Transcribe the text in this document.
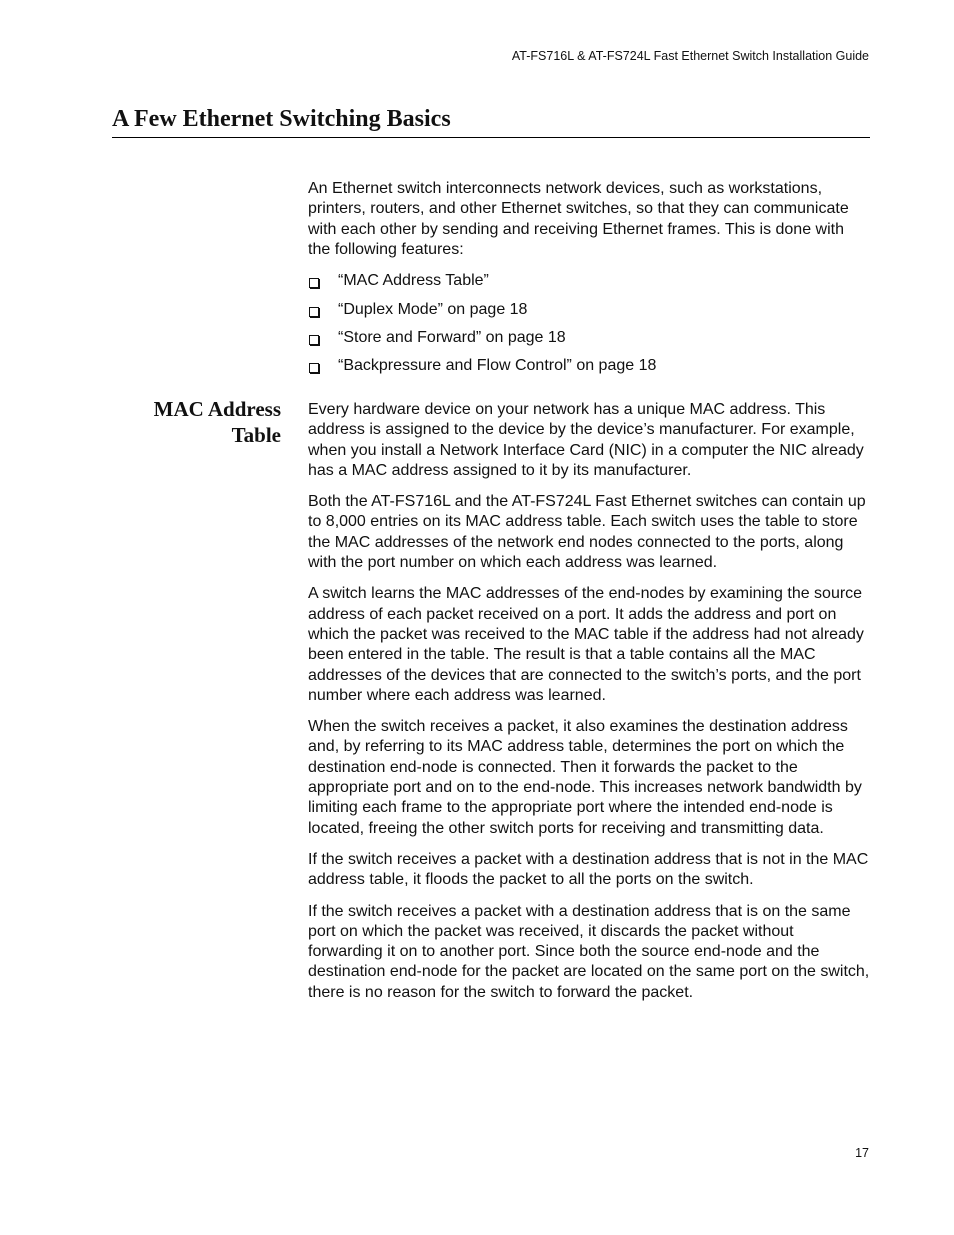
AT-FS716L & AT-FS724L Fast Ethernet Switch Installation Guide
A Few Ethernet Switching Basics

An Ethernet switch interconnects network devices, such as workstations, printers, routers, and other Ethernet switches, so that they can communicate with each other by sending and receiving Ethernet frames. This is done with the following features:

“MAC Address Table”
“Duplex Mode” on page 18
“Store and Forward” on page 18
“Backpressure and Flow Control” on page 18
MAC Address
Table

Every hardware device on your network has a unique MAC address. This address is assigned to the device by the device’s manufacturer. For example, when you install a Network Interface Card (NIC) in a computer the NIC already has a MAC address assigned to it by its manufacturer.

Both the AT-FS716L and the AT-FS724L Fast Ethernet switches can contain up to 8,000 entries on its MAC address table. Each switch uses the table to store the MAC addresses of the network end nodes connected to the ports, along with the port number on which each address was learned.

A switch learns the MAC addresses of the end-nodes by examining the source address of each packet received on a port. It adds the address and port on which the packet was received to the MAC table if the address had not already been entered in the table. The result is that a table contains all the MAC addresses of the devices that are connected to the switch’s ports, and the port number where each address was learned.

When the switch receives a packet, it also examines the destination address and, by referring to its MAC address table, determines the port on which the destination end-node is connected. Then it forwards the packet to the appropriate port and on to the end-node. This increases network bandwidth by limiting each frame to the appropriate port where the intended end-node is located, freeing the other switch ports for receiving and transmitting data.

If the switch receives a packet with a destination address that is not in the MAC address table, it floods the packet to all the ports on the switch.

If the switch receives a packet with a destination address that is on the same port on which the packet was received, it discards the packet without forwarding it on to another port. Since both the source end-node and the destination end-node for the packet are located on the same port on the switch, there is no reason for the switch to forward the packet.

17
